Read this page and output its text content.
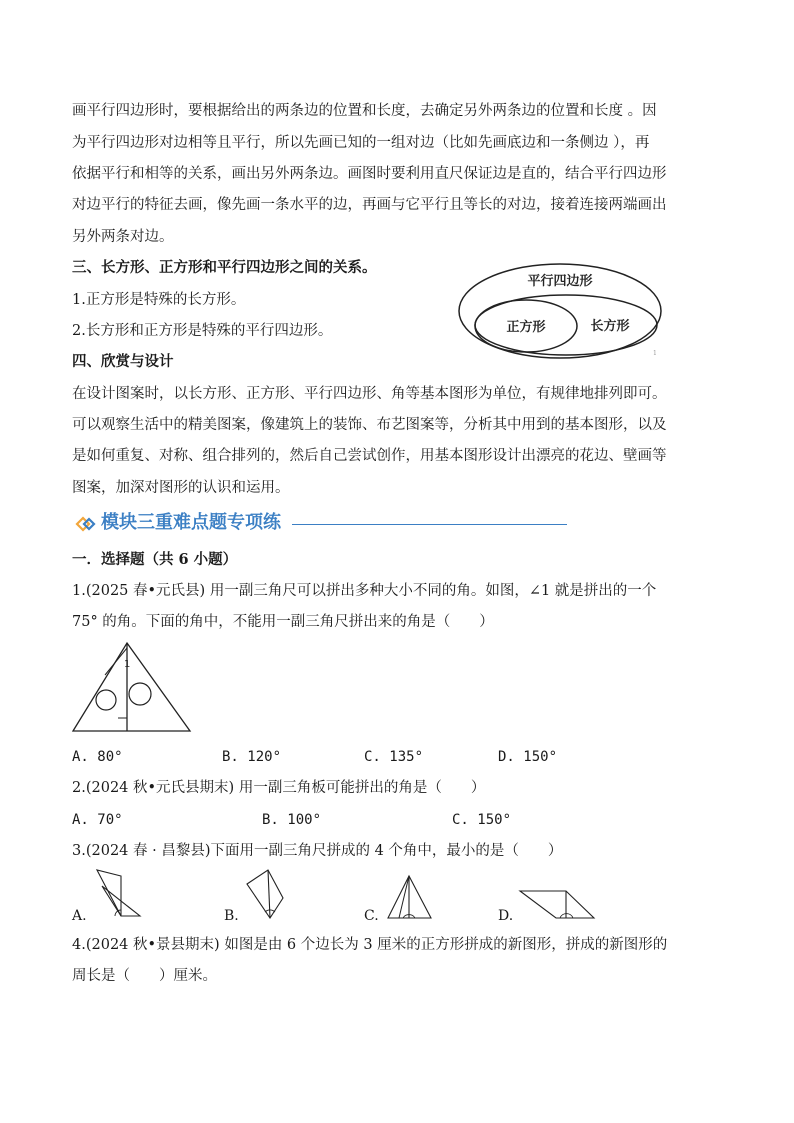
画平行四边形时，要根据给出的两条边的位置和长度，去确定另外两条边的位置和长度 。因
为平行四边形对边相等且平行，所以先画已知的一组对边（比如先画底边和一条侧边 ），再
依据平行和相等的关系，画出另外两条边。画图时要利用直尺保证边是直的，结合平行四边形
对边平行的特征去画，像先画一条水平的边，再画与它平行且等长的对边，接着连接两端画出
另外两条对边。
三、长方形、正方形和平行四边形之间的关系。
1.正方形是特殊的长方形。
2.长方形和正方形是特殊的平行四边形。
平行四边形
长方形
正方形
1
四、欣赏与设计
在设计图案时，以长方形、正方形、平行四边形、角等基本图形为单位，有规律地排列即可。
可以观察生活中的精美图案，像建筑上的装饰、布艺图案等，分析其中用到的基本图形，以及
是如何重复、对称、组合排列的，然后自己尝试创作，用基本图形设计出漂亮的花边、壁画等
图案，加深对图形的认识和运用。
模块三重难点题专项练
一．选择题（共 6 小题）
1.(2025 春•元氏县) 用一副三角尺可以拼出多种大小不同的角。如图，∠1 就是拼出的一个
75° 的角。下面的角中，不能用一副三角尺拼出来的角是（　　）
1
A. 80°	B. 120°	C. 135°	D. 150°
2.(2024 秋•元氏县期末) 用一副三角板可能拼出的角是（　　）
A. 70°	B. 100°	C. 150°
3.(2024 春 · 昌黎县)下面用一副三角尺拼成的 4 个角中，最小的是（　　）
A.	B.	C.	D.
4.(2024 秋•景县期末) 如图是由 6 个边长为 3 厘米的正方形拼成的新图形，拼成的新图形的
周长是（　　）厘米。
